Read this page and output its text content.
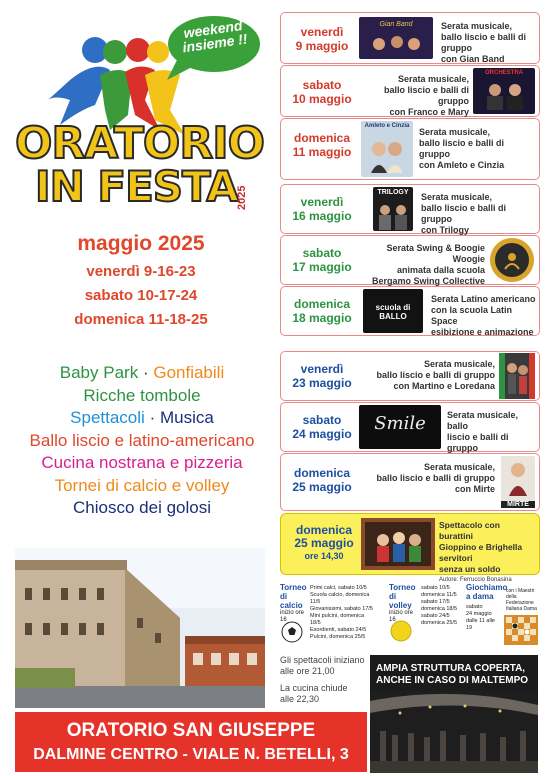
weekend insieme !!
ORATORIO
IN FESTA
2025
maggio 2025
venerdì 9-16-23
sabato 10-17-24
domenica 11-18-25
Baby Park · Gonfiabili
Ricche tombole
Spettacoli · Musica
Ballo liscio e latino-americano
Cucina nostrana e pizzeria
Tornei di calcio e volley
Chiosco dei golosi
ORATORIO SAN GIUSEPPE
DALMINE CENTRO - VIALE N. BETELLI, 3
venerdì
9 maggio
Gian Band	Serata musicale,
ballo liscio e balli di gruppo
con Gian Band
sabato
10 maggio
Serata musicale,
ballo liscio e balli di gruppo
con Franco e Mary
ORCHESTRA
domenica
11 maggio
Amleto e Cinzia
Serata musicale,
ballo liscio e balli di gruppo
con Amleto e Cinzia
venerdì
16 maggio
TRILOGY	Serata musicale,
ballo liscio e balli di gruppo
con Trilogy
sabato
17 maggio
Serata Swing & Boogie Woogie
animata dalla scuola
Bergamo Swing Collective
domenica
18 maggio
scuola di BALLO
Serata Latino americano
con la scuola Latin Space
esibizione e animazione
venerdì
23 maggio
Serata musicale,
ballo liscio e balli di gruppo
con Martino e Loredana
sabato
24 maggio	Smile	Serata musicale, ballo
liscio e balli di gruppo
domenica
25 maggio
Serata musicale,
ballo liscio e balli di gruppo
con Mirte
MIRTE
domenica
25 maggio
ore 14,30
Spettacolo con burattini
Gioppino e Brighella servitori
senza un soldo
Autore: Ferruccio Bonasina
Torneo
di calcio
inizio ore 16
Primi calci, sabato 10/5
Scuola calcio, domenica 11/5
Giovanissimi, sabato 17/5
Mini pulcini, domenica 18/5
Esordienti, sabato 24/5
Pulcini, domenica 25/5
Torneo
di volley
inizio ore 16
sabato 10/5
domenica 11/5
sabato 17/5
domenica 18/5
sabato 24/5
domenica 25/5
Giochiamo
a dama
sabato
24 maggio
dalle 11 alle 19
con i Maestri
della Federazione
Italiana Dama
Gli spettacoli iniziano
alle ore 21,00
La cucina chiude
alle 22,30
AMPIA STRUTTURA COPERTA,
ANCHE IN CASO DI MALTEMPO
